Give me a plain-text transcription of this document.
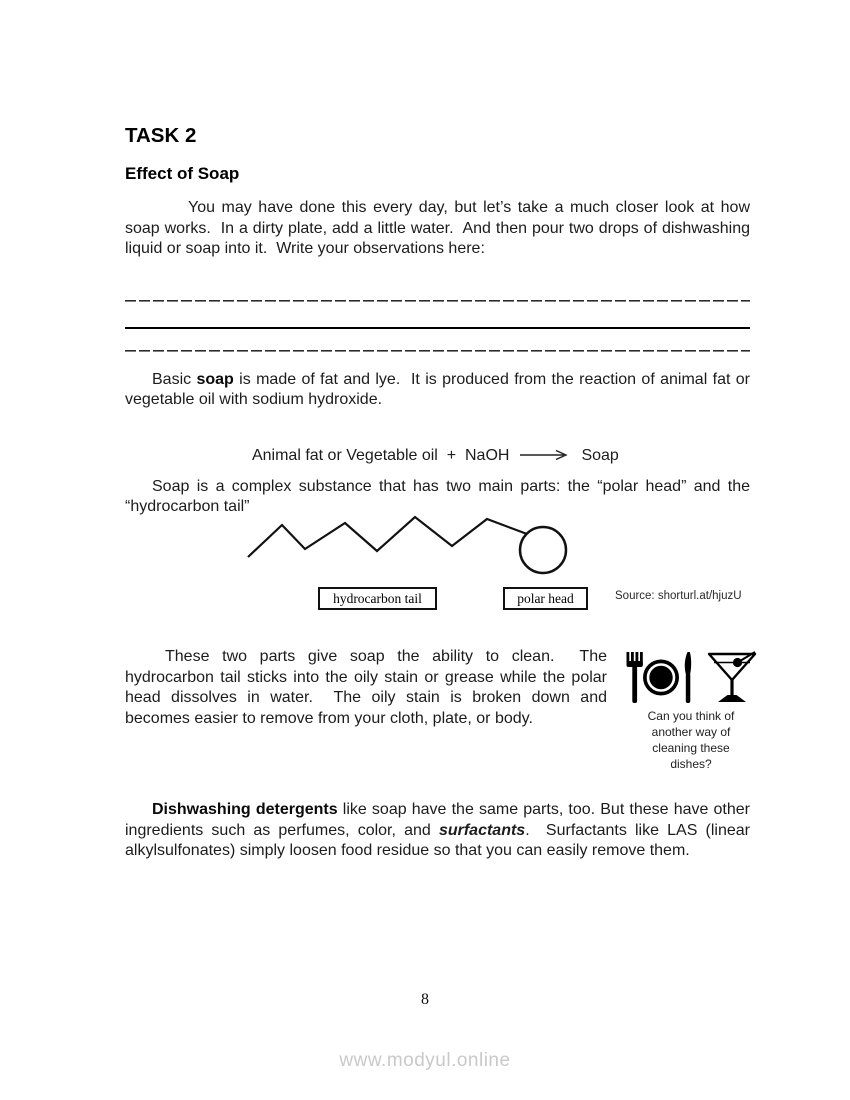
TASK 2
Effect of Soap

You may have done this every day, but let’s take a much closer look at how soap works.  In a dirty plate, add a little water.  And then pour two drops of dishwashing liquid or soap into it.  Write your observations here:

Basic soap is made of fat and lye.  It is produced from the reaction of animal fat or vegetable oil with sodium hydroxide.

Animal fat or Vegetable oil  +  NaOH → Soap

Soap is a complex substance that has two main parts: the “polar head” and the “hydrocarbon tail”

hydrocarbon tail	polar head	Source: shorturl.at/hjuzU
Can you think of
another way of
cleaning these
dishes?

These two parts give soap the ability to clean.  The hydrocarbon tail sticks into the oily stain or grease while the polar head dissolves in water.  The oily stain is broken down and becomes easier to remove from your cloth, plate, or body.

Dishwashing detergents like soap have the same parts, too. But these have other ingredients such as perfumes, color, and surfactants.  Surfactants like LAS (linear alkylsulfonates) simply loosen food residue so that you can easily remove them.

8
www.modyul.online
